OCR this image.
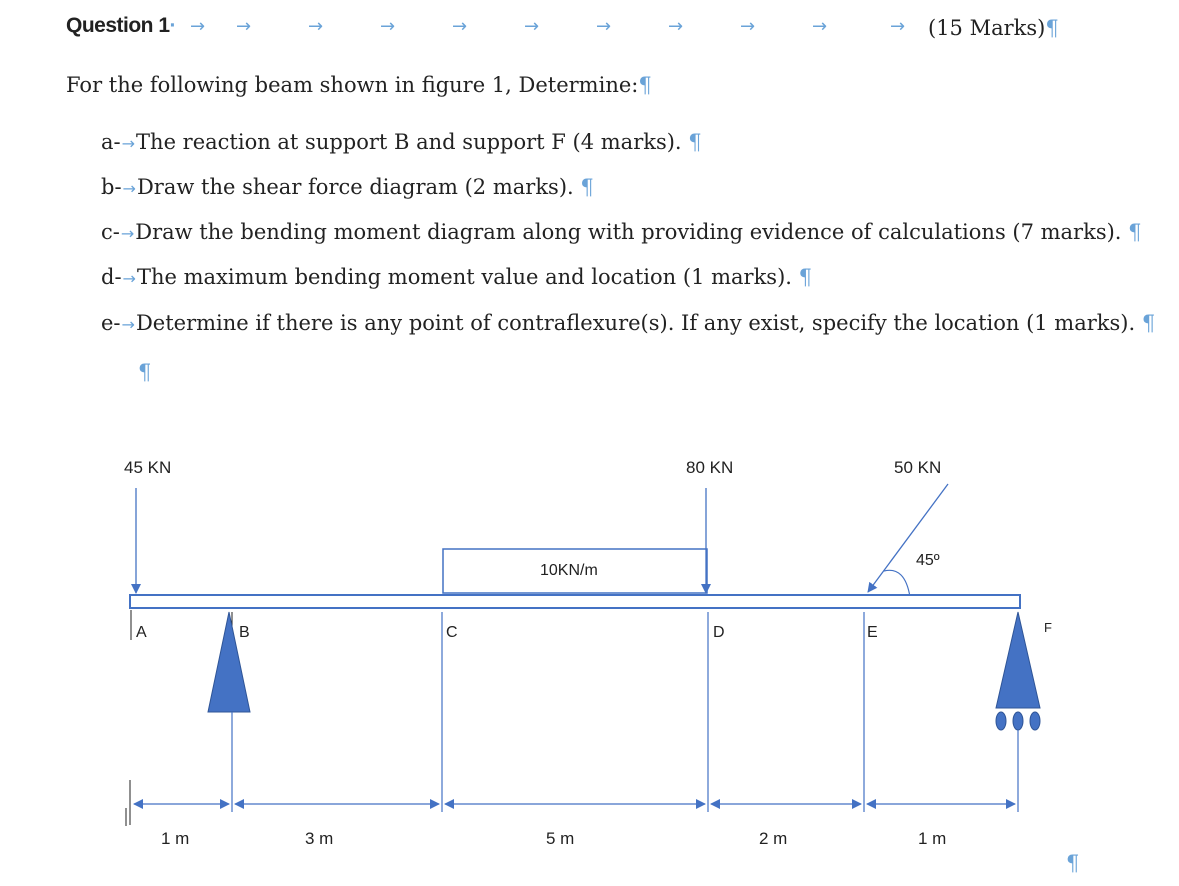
Question 1· → →	→	→	→	→	→	→	→	→	→ (15 Marks)¶
For the following beam shown in figure 1, Determine:¶
a-→The reaction at support B and support F (4 marks). ¶
b-→Draw the shear force diagram (2 marks). ¶
c-→Draw the bending moment diagram along with providing evidence of calculations (7 marks). ¶
d-→The maximum bending moment value and location (1 marks). ¶
e-→Determine if there is any point of contraflexure(s). If any exist, specify the location (1 marks). ¶
¶
45 KN	80 KN	50 KN
10KN/m
45º
A	B	C	D	E	F
1 m	3 m	5 m	2 m	1 m
¶
